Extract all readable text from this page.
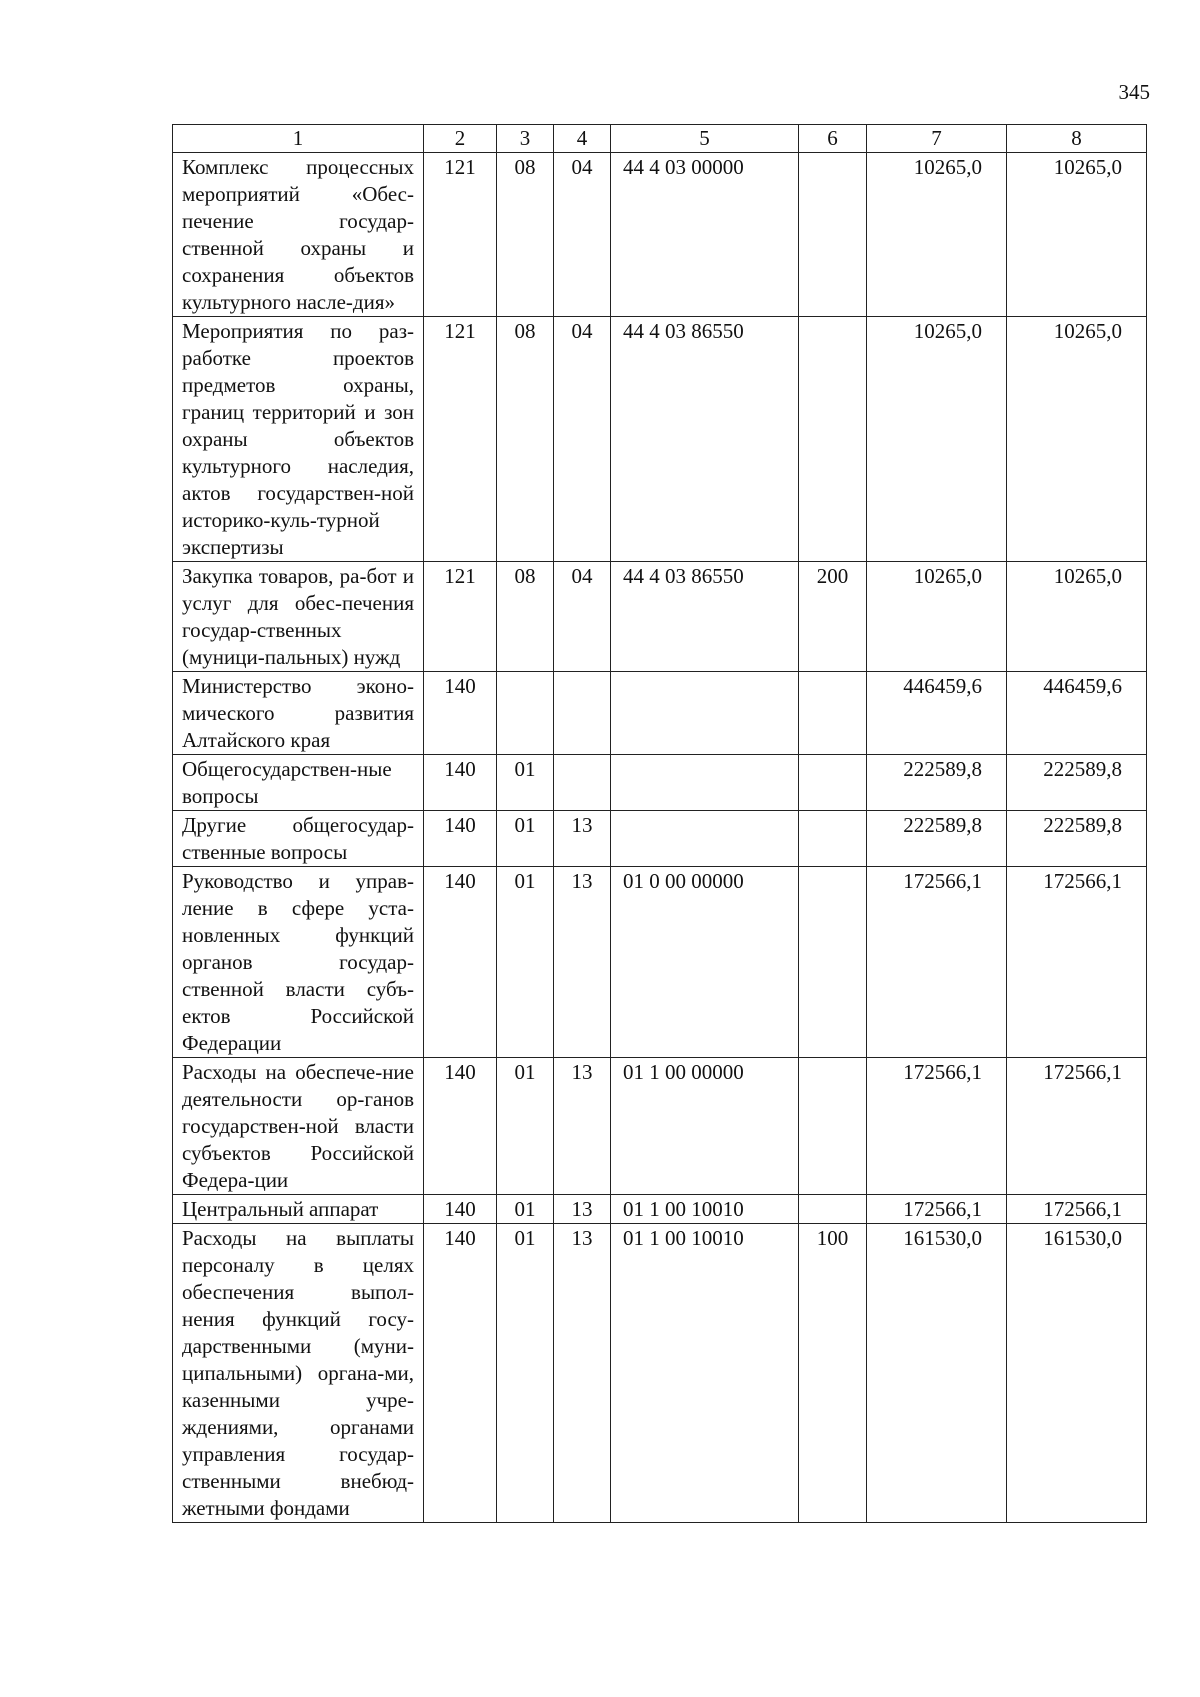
345
1	2	3	4	5	6	7	8
Комплекс процессных мероприятий «Обес-печение государ-ственной охраны и сохранения объектов культурного насле-дия»	121	08	04	44 4 03 00000		10265,0	10265,0
Мероприятия по раз-работке проектов предметов охраны, границ территорий и зон охраны объектов культурного наследия, актов государствен-ной историко-куль-турной экспертизы	121	08	04	44 4 03 86550		10265,0	10265,0
Закупка товаров, ра-бот и услуг для обес-печения государ-ственных (муници-пальных) нужд	121	08	04	44 4 03 86550	200	10265,0	10265,0
Министерство эконо-мического развития Алтайского края	140					446459,6	446459,6
Общегосударствен-ные вопросы	140	01				222589,8	222589,8
Другие общегосудар-ственные вопросы	140	01	13			222589,8	222589,8
Руководство и управ-ление в сфере уста-новленных функций органов государ-ственной власти субъ-ектов Российской Федерации	140	01	13	01 0 00 00000		172566,1	172566,1
Расходы на обеспече-ние деятельности ор-ганов государствен-ной власти субъектов Российской Федера-ции	140	01	13	01 1 00 00000		172566,1	172566,1
Центральный аппарат	140	01	13	01 1 00 10010		172566,1	172566,1
Расходы на выплаты персоналу в целях обеспечения выпол-нения функций госу-дарственными (муни-ципальными) органа-ми, казенными учре-ждениями, органами управления государ-ственными внебюд-жетными фондами	140	01	13	01 1 00 10010	100	161530,0	161530,0
